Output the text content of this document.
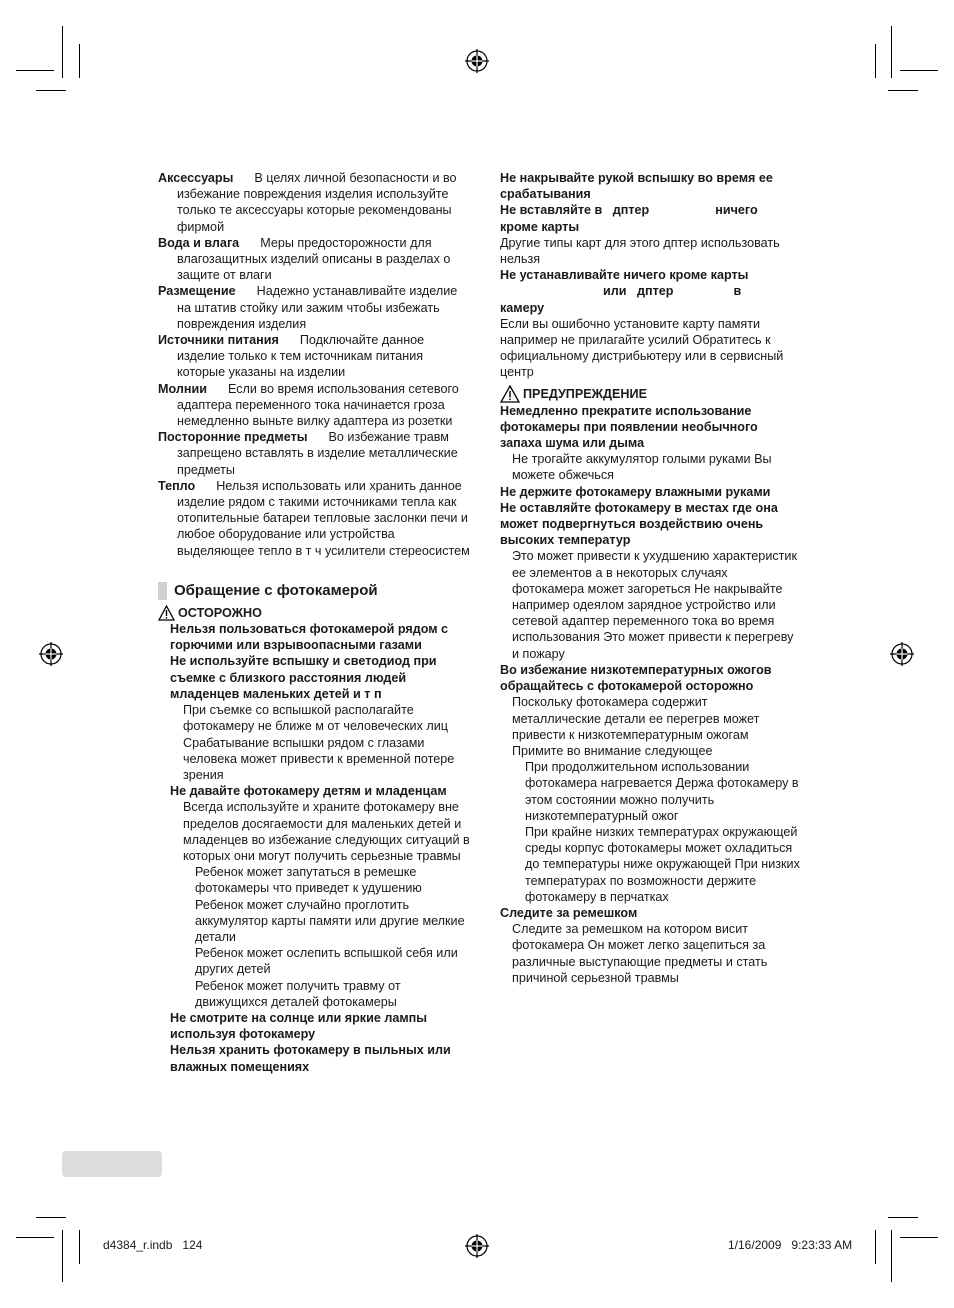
Аксессуары В целях личной безопасности и во избежание повреждения изделия используйте только те аксессуары которые рекомендованы фирмой

Вода и влага Меры предосторожности для влагозащитных изделий описаны в разделах о защите от влаги

Размещение Надежно устанавливайте изделие на штатив стойку или зажим чтобы избежать повреждения изделия

Источники питания Подключайте данное изделие только к тем источникам питания которые указаны на изделии

Молнии Если во время использования сетевого адаптера переменного тока начинается гроза немедленно выньте вилку адаптера из розетки

Посторонние предметы Во избежание травм запрещено вставлять в изделие металлические предметы

Тепло Нельзя использовать или хранить данное изделие рядом с такими источниками тепла как отопительные батареи тепловые заслонки печи и любое оборудование или устройства выделяющее тепло в т ч усилители стереосистем

Обращение с фотокамерой
ОСТОРОЖНО

Нельзя пользоваться фотокамерой рядом с горючими или взрывоопасными газами

Не используйте вспышку и светодиод при съемке с близкого расстояния людей младенцев маленьких детей и т п

При съемке со вспышкой располагайте фотокамеру не ближе м от человеческих лиц Срабатывание вспышки рядом с глазами человека может привести к временной потере зрения

Не давайте фотокамеру детям и младенцам

Всегда используйте и храните фотокамеру вне пределов досягаемости для маленьких детей и младенцев во избежание следующих ситуаций в которых они могут получить серьезные травмы

Ребенок может запутаться в ремешке фотокамеры что приведет к удушению

Ребенок может случайно проглотить аккумулятор карты памяти или другие мелкие детали

Ребенок может ослепить вспышкой себя или других детей

Ребенок может получить травму от движущихся деталей фотокамеры

Не смотрите на солнце или яркие лампы используя фотокамеру

Нельзя хранить фотокамеру в пыльных или влажных помещениях

Не накрывайте рукой вспышку во время ее срабатывания

Не вставляйте в дптер	ничего
кроме карты

Другие типы карт для этого дптер использовать нельзя

Не устанавливайте ничего кроме карты
или дптер	в
камеру

Если вы ошибочно установите карту памяти например не прилагайте усилий Обратитесь к официальному дистрибьютеру или в сервисный центр

ПРЕДУПРЕЖДЕНИЕ

Немедленно прекратите использование фотокамеры при появлении необычного запаха шума или дыма

Не трогайте аккумулятор голыми руками Вы можете обжечься

Не держите фотокамеру влажными руками

Не оставляйте фотокамеру в местах где она может подвергнуться воздействию очень высоких температур

Это может привести к ухудшению характеристик ее элементов а в некоторых случаях фотокамера может загореться Не накрывайте например одеялом зарядное устройство или сетевой адаптер переменного тока во время использования Это может привести к перегреву и пожару

Во избежание низкотемпературных ожогов обращайтесь с фотокамерой осторожно

Поскольку фотокамера содержит металлические детали ее перегрев может привести к низкотемпературным ожогам Примите во внимание следующее

При продолжительном использовании фотокамера нагревается Держа фотокамеру в этом состоянии можно получить низкотемпературный ожог

При крайне низких температурах окружающей среды корпус фотокамеры может охладиться до температуры ниже окружающей При низких температурах по возможности держите фотокамеру в перчатках

Следите за ремешком

Следите за ремешком на котором висит фотокамера Он может легко зацепиться за различные выступающие предметы и стать причиной серьезной травмы

d4384_r.indb 124	1/16/2009 9:23:33 AM
